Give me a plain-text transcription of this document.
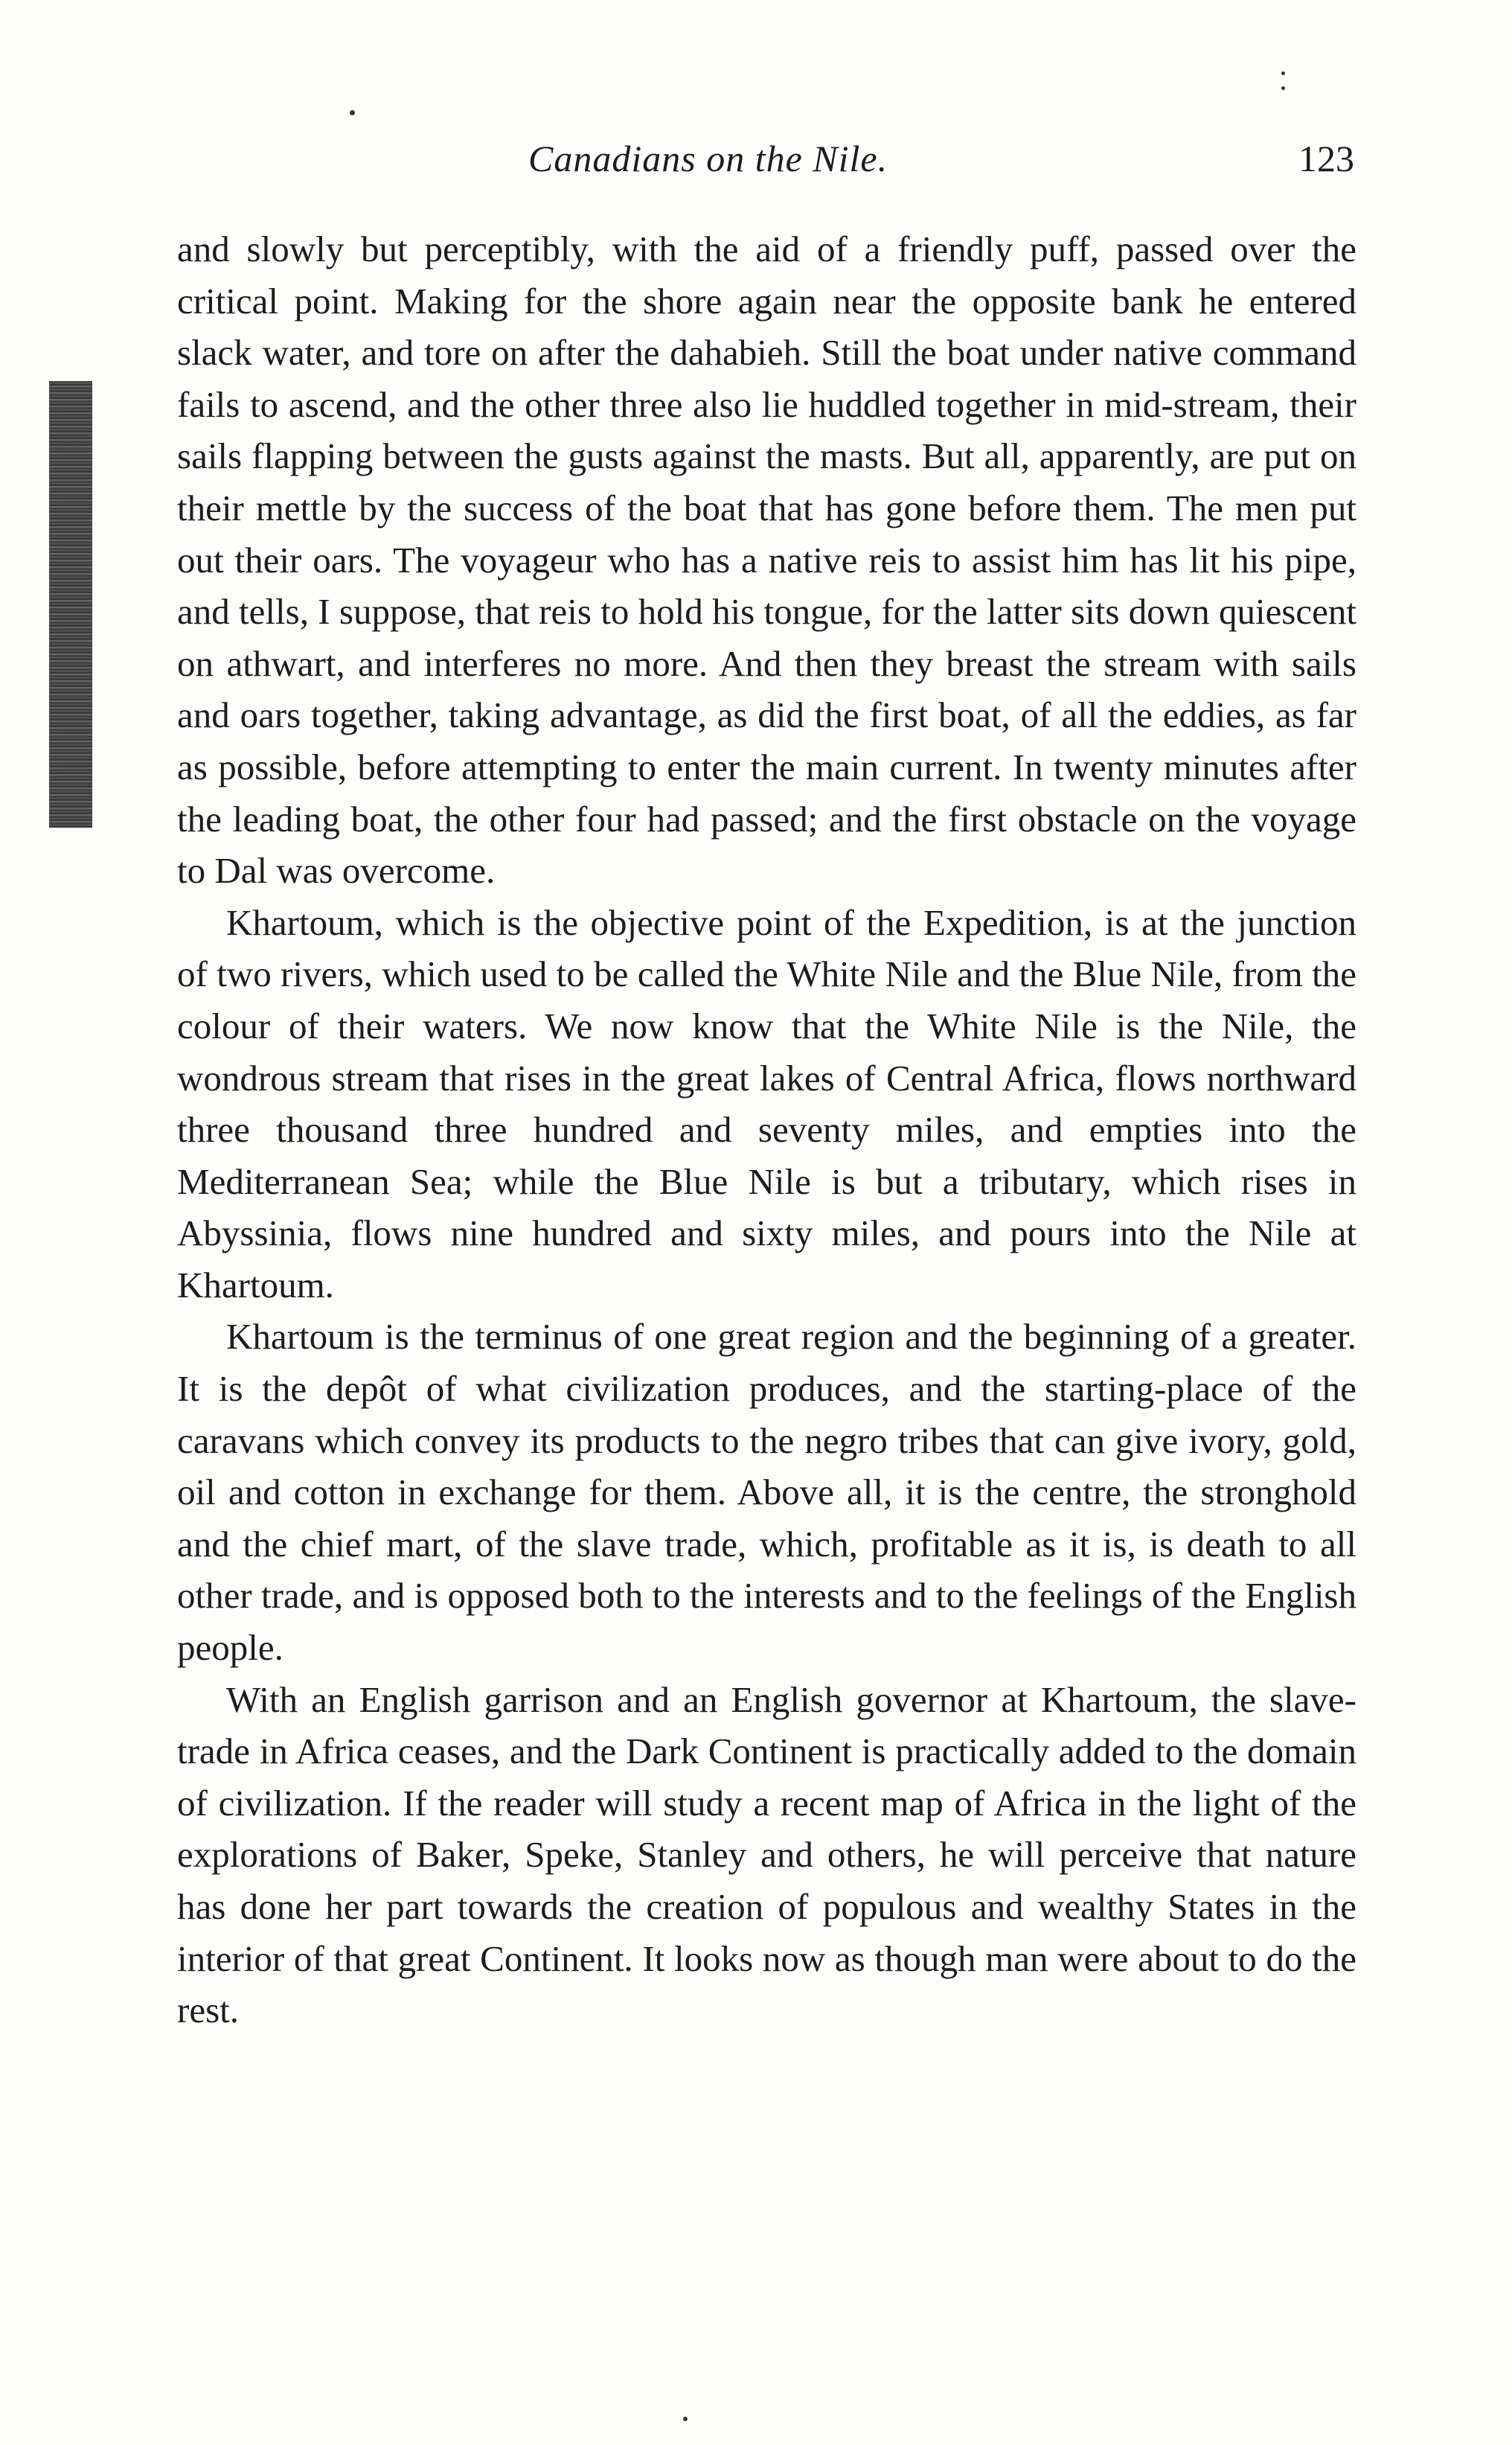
Canadians on the Nile.	123

and slowly but perceptibly, with the aid of a friendly puff, passed over the critical point. Making for the shore again near the opposite bank he entered slack water, and tore on after the dahabieh. Still the boat under native command fails to ascend, and the other three also lie huddled together in mid-stream, their sails flapping between the gusts against the masts. But all, apparently, are put on their mettle by the success of the boat that has gone before them. The men put out their oars. The voyageur who has a native reis to assist him has lit his pipe, and tells, I suppose, that reis to hold his tongue, for the latter sits down quiescent on athwart, and interferes no more. And then they breast the stream with sails and oars together, taking advantage, as did the first boat, of all the eddies, as far as possible, before attempting to enter the main current. In twenty minutes after the leading boat, the other four had passed; and the first obstacle on the voyage to Dal was overcome.

Khartoum, which is the objective point of the Expedition, is at the junction of two rivers, which used to be called the White Nile and the Blue Nile, from the colour of their waters. We now know that the White Nile is the Nile, the wondrous stream that rises in the great lakes of Central Africa, flows northward three thousand three hundred and seventy miles, and empties into the Mediterranean Sea; while the Blue Nile is but a tributary, which rises in Abyssinia, flows nine hundred and sixty miles, and pours into the Nile at Khartoum.

Khartoum is the terminus of one great region and the beginning of a greater. It is the depôt of what civilization produces, and the starting-place of the caravans which convey its products to the negro tribes that can give ivory, gold, oil and cotton in exchange for them. Above all, it is the centre, the stronghold and the chief mart, of the slave trade, which, profitable as it is, is death to all other trade, and is opposed both to the interests and to the feelings of the English people.

With an English garrison and an English governor at Khartoum, the slave-trade in Africa ceases, and the Dark Continent is practically added to the domain of civilization. If the reader will study a recent map of Africa in the light of the explorations of Baker, Speke, Stanley and others, he will perceive that nature has done her part towards the creation of populous and wealthy States in the interior of that great Continent. It looks now as though man were about to do the rest.
